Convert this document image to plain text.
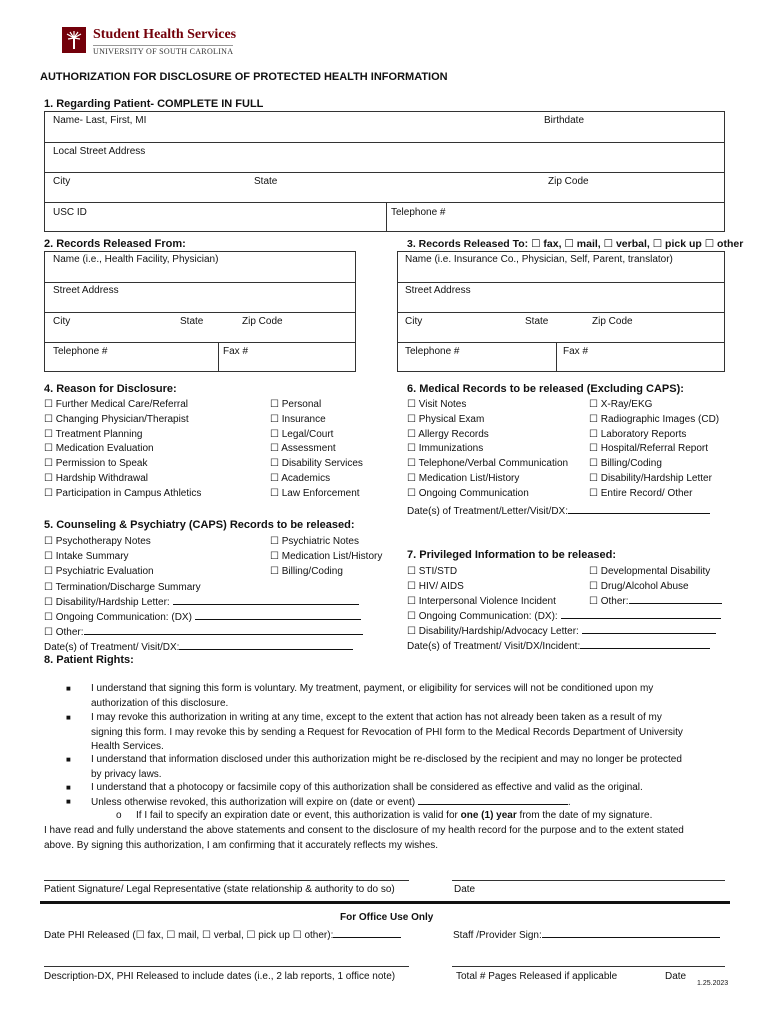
Student Health Services
UNIVERSITY OF SOUTH CAROLINA
AUTHORIZATION FOR DISCLOSURE OF PROTECTED HEALTH INFORMATION
1. Regarding Patient- COMPLETE IN FULL
Name- Last, First, MI	Birthdate
Local Street Address
City	State	Zip Code
USC ID	Telephone #
2. Records Released From:
Name (i.e., Health Facility, Physician)
Street Address
City	State	Zip Code
Telephone #	Fax #
3. Records Released To: ☐ fax, ☐ mail, ☐ verbal, ☐ pick up ☐ other
Name (i.e. Insurance Co., Physician, Self, Parent, translator)
Street Address
City	State	Zip Code
Telephone #	Fax #
4. Reason for Disclosure:
☐ Further Medical Care/Referral
☐ Changing Physician/Therapist
☐ Treatment Planning
☐ Medication Evaluation
☐ Permission to Speak
☐ Hardship Withdrawal
☐ Participation in Campus Athletics
☐ Personal
☐ Insurance
☐ Legal/Court
☐ Assessment
☐ Disability Services
☐ Academics
☐ Law Enforcement
6. Medical Records to be released (Excluding CAPS):
☐ Visit Notes
☐ Physical Exam
☐ Allergy Records
☐ Immunizations
☐ Telephone/Verbal Communication
☐ Medication List/History
☐ Ongoing Communication
☐ X-Ray/EKG
☐ Radiographic Images (CD)
☐ Laboratory Reports
☐ Hospital/Referral Report
☐ Billing/Coding
☐ Disability/Hardship Letter
☐ Entire Record/ Other
Date(s) of Treatment/Letter/Visit/DX:
5. Counseling & Psychiatry (CAPS) Records to be released:
☐ Psychotherapy Notes
☐ Intake Summary
☐ Psychiatric Evaluation
☐ Psychiatric Notes
☐ Medication List/History
☐ Billing/Coding
☐ Termination/Discharge Summary
☐ Disability/Hardship Letter:
☐ Ongoing Communication: (DX)
☐ Other:
Date(s) of Treatment/ Visit/DX:
7. Privileged Information to be released:
☐ STI/STD
☐ HIV/ AIDS
☐ Interpersonal Violence Incident
☐ Developmental Disability
☐ Drug/Alcohol Abuse
☐ Other:
☐ Ongoing Communication: (DX):
☐ Disability/Hardship/Advocacy Letter:
Date(s) of Treatment/ Visit/DX/Incident:
8. Patient Rights:
■ I understand that signing this form is voluntary. My treatment, payment, or eligibility for services will not be conditioned upon my
authorization of this disclosure.
■ I may revoke this authorization in writing at any time, except to the extent that action has not already been taken as a result of my
signing this form. I may revoke this by sending a Request for Revocation of PHI form to the Medical Records Department of University
Health Services.
■ I understand that information disclosed under this authorization might be re-disclosed by the recipient and may no longer be protected
by privacy laws.
■ I understand that a photocopy or facsimile copy of this authorization shall be considered as effective and valid as the original.
■ Unless otherwise revoked, this authorization will expire on (date or event)	.
o If I fail to specify an expiration date or event, this authorization is valid for one (1) year from the date of my signature.
I have read and fully understand the above statements and consent to the disclosure of my health record for the purpose and to the extent stated
above. By signing this authorization, I am confirming that it accurately reflects my wishes.
Patient Signature/ Legal Representative (state relationship & authority to do so)	Date
For Office Use Only
Date PHI Released (☐ fax, ☐ mail, ☐ verbal, ☐ pick up ☐ other):	Staff /Provider Sign:
Description-DX, PHI Released to include dates (i.e., 2 lab reports, 1 office note)	Total # Pages Released if applicable	Date
1.25.2023
